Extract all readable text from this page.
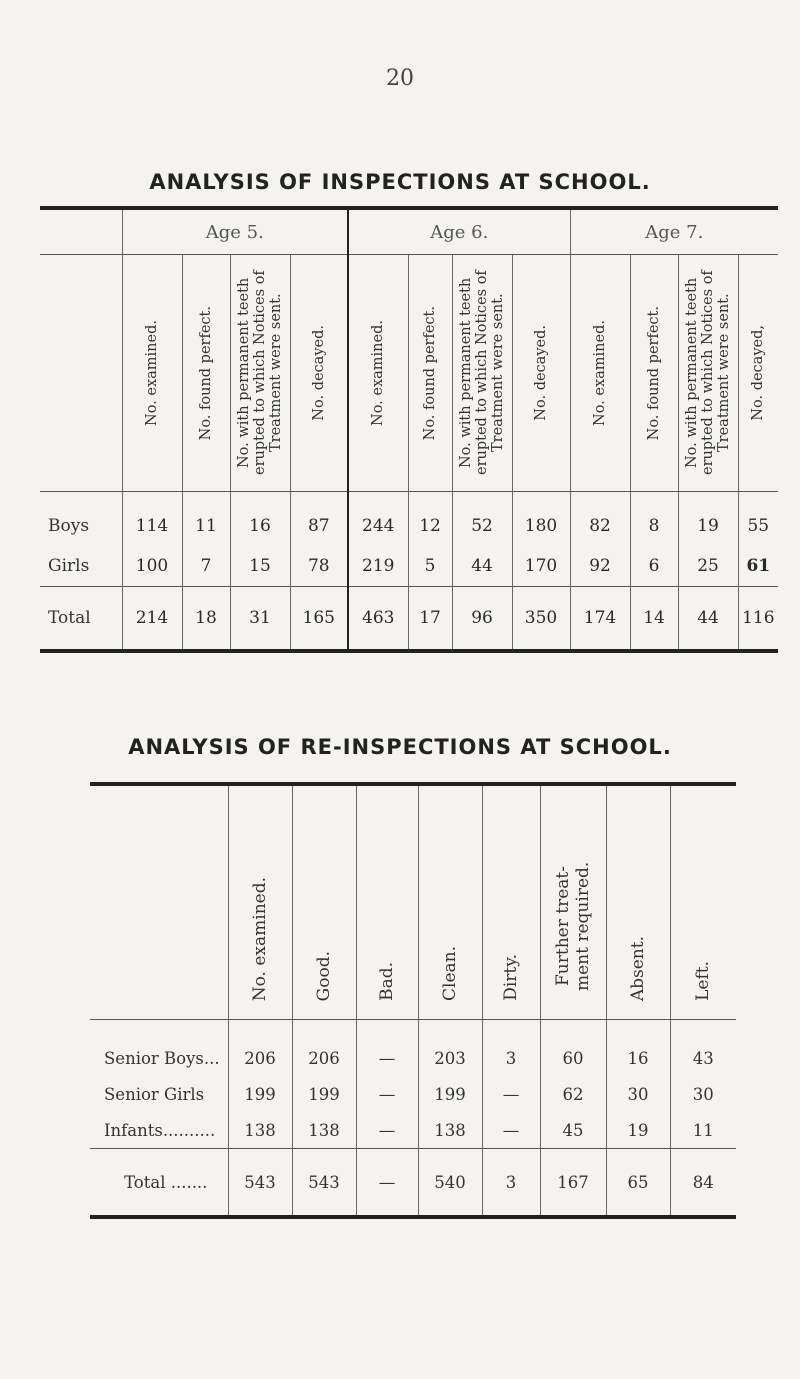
20
ANALYSIS OF INSPECTIONS AT SCHOOL.
	Age 5.				Age 6.				Age 7.			

	No. examined.	No. found perfect.	No. with permanent teeth erupted to which Notices of Treatment were sent.	No. decayed.	No. examined.	No. found perfect.	No. with permanent teeth erupted to which Notices of Treatment were sent.	No. decayed.	No. examined.	No. found perfect.	No. with permanent teeth erupted to which Notices of Treatment were sent.	No. decayed,

Boys	114	11	16	87	244	12	52	180	82	8	19	55
Girls	100	7	15	78	219	5	44	170	92	6	25	61
Total	214	18	31	165	463	17	96	350	174	14	44	116
ANALYSIS OF RE-INSPECTIONS AT SCHOOL.

	No. examined.	Good.	Bad.	Clean.	Dirty.	Further treat- ment required.	Absent.	Left.

Senior Boys...	206	206	—	203	3	60	16	43
Senior Girls	199	199	—	199	—	62	30	30
Infants..........	138	138	—	138	—	45	19	11
Total .......	543	543	—	540	3	167	65	84
